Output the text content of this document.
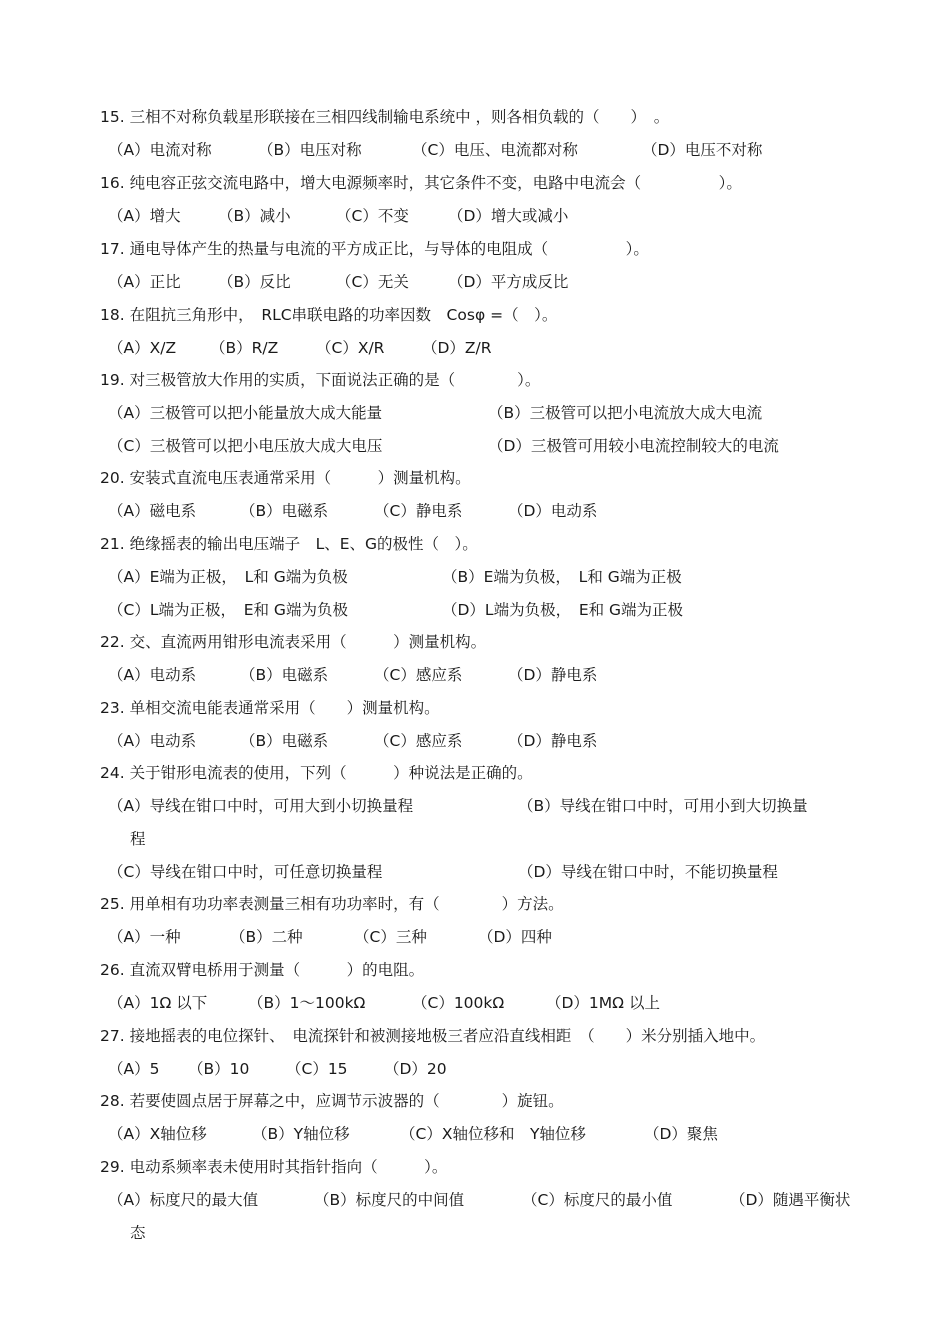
15. 三相不对称负载星形联接在三相四线制输电系统中 ，则各相负载的（　　）　。
（A）电流对称	（B）电压对称	（C）电压、电流都对称	（D）电压不对称
16. 纯电容正弦交流电路中，增大电源频率时，其它条件不变，电路中电流会（　　　　　）。
（A）增大 （B）减小	（C）不变	（D）增大或减小
17. 通电导体产生的热量与电流的平方成正比，与导体的电阻成（　　　　　）。
（A）正比 （B）反比	（C）无关	（D）平方成反比
18. 在阻抗三角形中，　RLC串联电路的功率因数　Cosφ =（　）。
（A）X/Z （B）R/Z （C）X/R （D）Z/R
19. 对三极管放大作用的实质，下面说法正确的是（　　　　）。
（A）三极管可以把小能量放大成大能量	（B）三极管可以把小电流放大成大电流
（C）三极管可以把小电压放大成大电压	（D）三极管可用较小电流控制较大的电流
20. 安装式直流电压表通常采用（　　　）测量机构。
（A）磁电系	（B）电磁系	（C）静电系	（D）电动系
21. 绝缘摇表的输出电压端子　L、E、G的极性（　）。
（A）E端为正极，　L和 G端为负极	（B）E端为负极，　L和 G端为正极
（C）L端为正极，　E和 G端为负极	（D）L端为负极，　E和 G端为正极
22. 交、直流两用钳形电流表采用（　　　）测量机构。
（A）电动系	（B）电磁系	（C）感应系	（D）静电系
23. 单相交流电能表通常采用（　　）测量机构。
（A）电动系	（B）电磁系	（C）感应系	（D）静电系
24. 关于钳形电流表的使用，下列（　　　）种说法是正确的。
（A）导线在钳口中时，可用大到小切换量程	（B）导线在钳口中时，可用小到大切换量
程
（C）导线在钳口中时，可任意切换量程	（D）导线在钳口中时，不能切换量程
25. 用单相有功功率表测量三相有功功率时，有（　　　　）方法。
（A）一种	（B）二种	（C）三种	（D）四种
26. 直流双臂电桥用于测量（　　　）的电阻。
（A）1Ω 以下	（B）1～100kΩ	（C）100kΩ	（D）1MΩ 以上
27. 接地摇表的电位探针、　电流探针和被测接地极三者应沿直线相距　（　　）米分别插入地中。
（A）5 （B）10 （C）15 （D）20
28. 若要使圆点居于屏幕之中，应调节示波器的（　　　　）旋钮。
（A）X轴位移	（B）Y轴位移	（C）X轴位移和　Y轴位移	（D）聚焦
29. 电动系频率表未使用时其指针指向（　　　）。
（A）标度尺的最大值	（B）标度尺的中间值	（C）标度尺的最小值	（D）随遇平衡状
态
